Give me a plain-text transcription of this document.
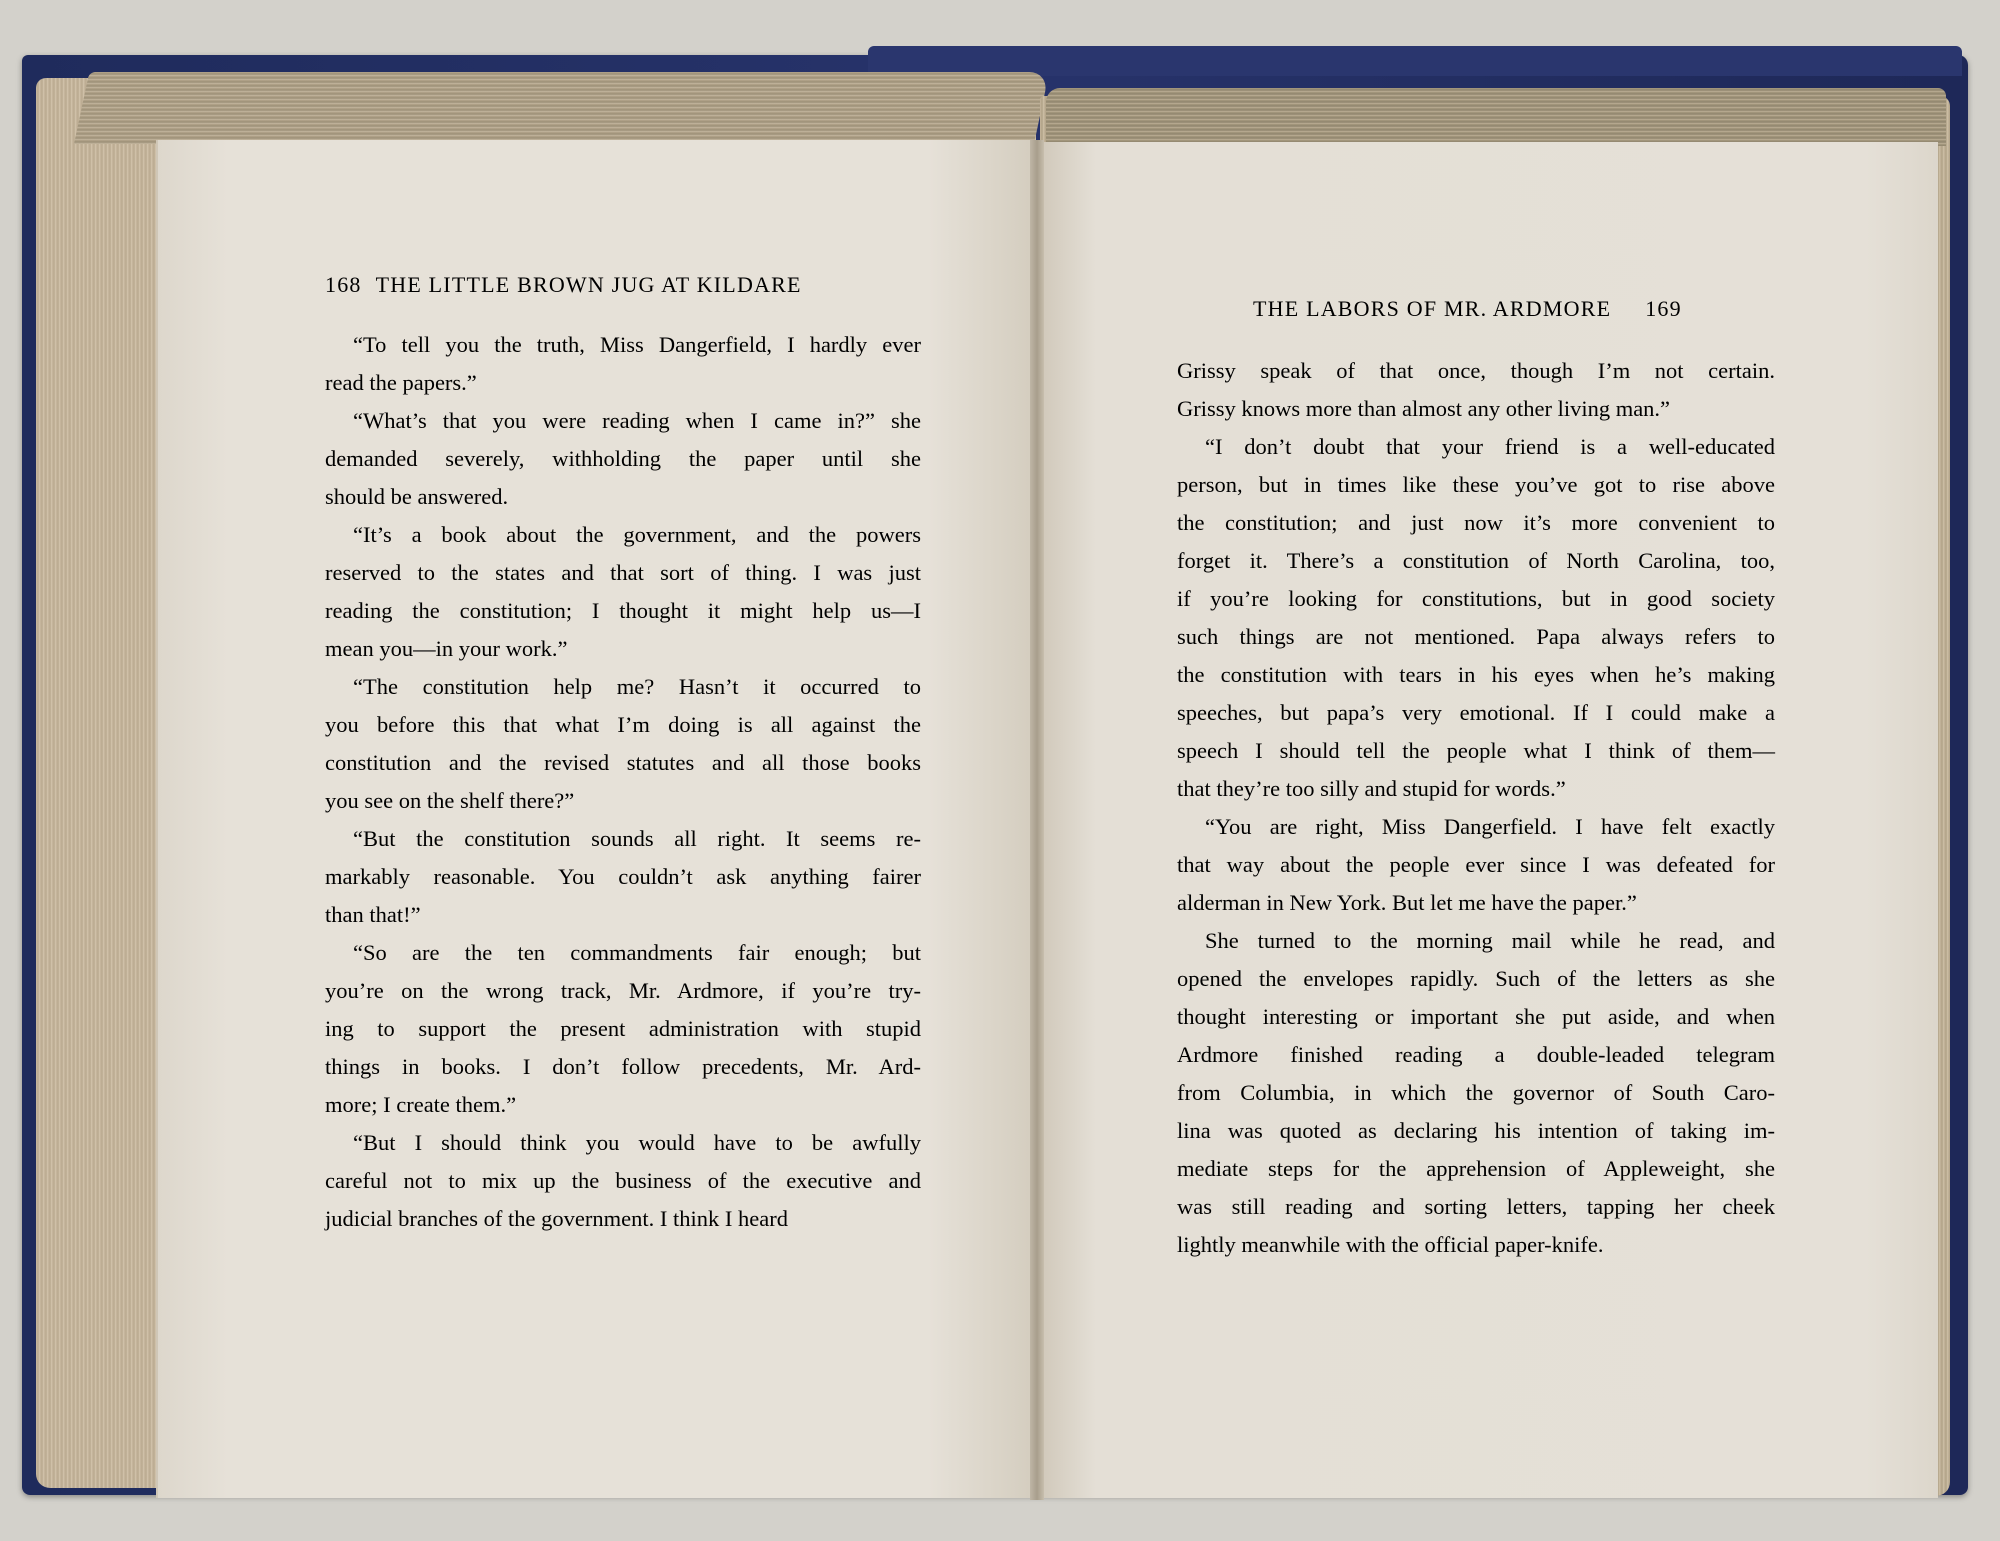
168 THE LITTLE BROWN JUG AT KILDARE
THE LABORS OF MR. ARDMORE 169

“To tell you the truth, Miss Dangerfield, I hardly ever

read the papers.”

“What’s that you were reading when I came in?” she

demanded severely, withholding the paper until she

should be answered.

“It’s a book about the government, and the powers

reserved to the states and that sort of thing. I was just

reading the constitution; I thought it might help us—I

mean you—in your work.”

“The constitution help me? Hasn’t it occurred to

you before this that what I’m doing is all against the

constitution and the revised statutes and all those books

you see on the shelf there?”

“But the constitution sounds all right. It seems re-

markably reasonable. You couldn’t ask anything fairer

than that!”

“So are the ten commandments fair enough; but

you’re on the wrong track, Mr. Ardmore, if you’re try-

ing to support the present administration with stupid

things in books. I don’t follow precedents, Mr. Ard-

more; I create them.”

“But I should think you would have to be awfully

careful not to mix up the business of the executive and

judicial branches of the government. I think I heard

Grissy speak of that once, though I’m not certain.

Grissy knows more than almost any other living man.”

“I don’t doubt that your friend is a well-educated

person, but in times like these you’ve got to rise above

the constitution; and just now it’s more convenient to

forget it. There’s a constitution of North Carolina, too,

if you’re looking for constitutions, but in good society

such things are not mentioned. Papa always refers to

the constitution with tears in his eyes when he’s making

speeches, but papa’s very emotional. If I could make a

speech I should tell the people what I think of them—

that they’re too silly and stupid for words.”

“You are right, Miss Dangerfield. I have felt exactly

that way about the people ever since I was defeated for

alderman in New York. But let me have the paper.”

She turned to the morning mail while he read, and

opened the envelopes rapidly. Such of the letters as she

thought interesting or important she put aside, and when

Ardmore finished reading a double-leaded telegram

from Columbia, in which the governor of South Caro-

lina was quoted as declaring his intention of taking im-

mediate steps for the apprehension of Appleweight, she

was still reading and sorting letters, tapping her cheek

lightly meanwhile with the official paper-knife.
